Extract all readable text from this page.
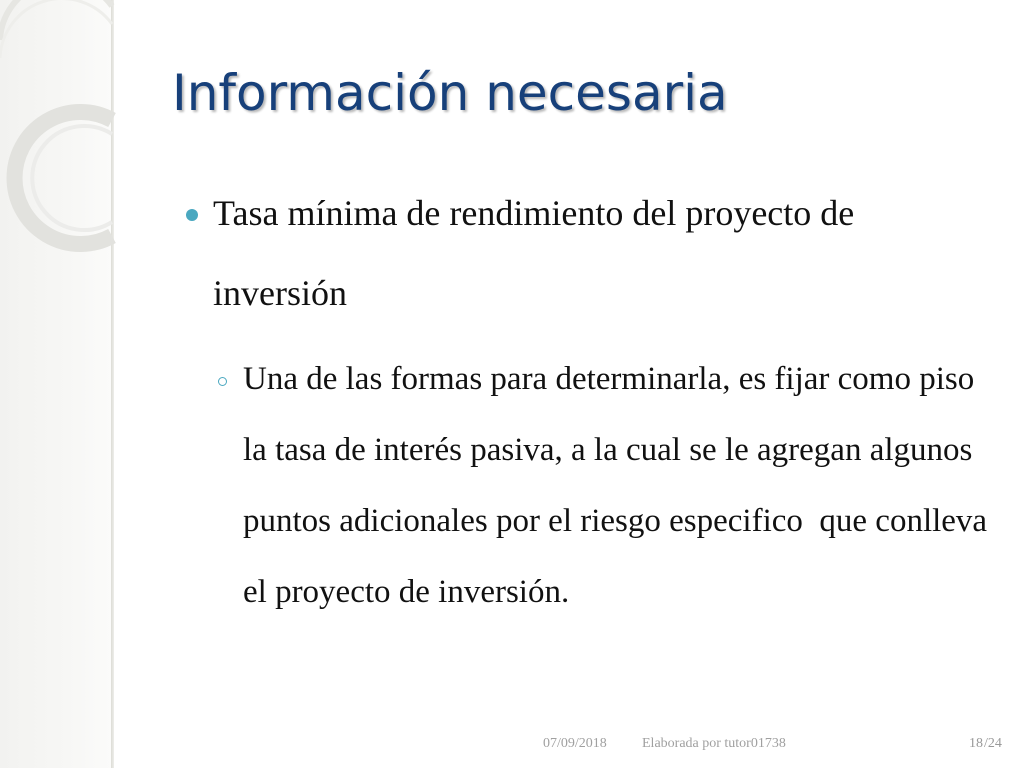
Información necesaria
Tasa mínima de rendimiento del proyecto de inversión
Una de las formas para determinarla, es fijar como piso la tasa de interés pasiva, a la cual se le agregan algunos puntos adicionales por el riesgo especifico  que conlleva el proyecto de inversión.
07/09/2018	Elaborada por tutor01738	18/24
